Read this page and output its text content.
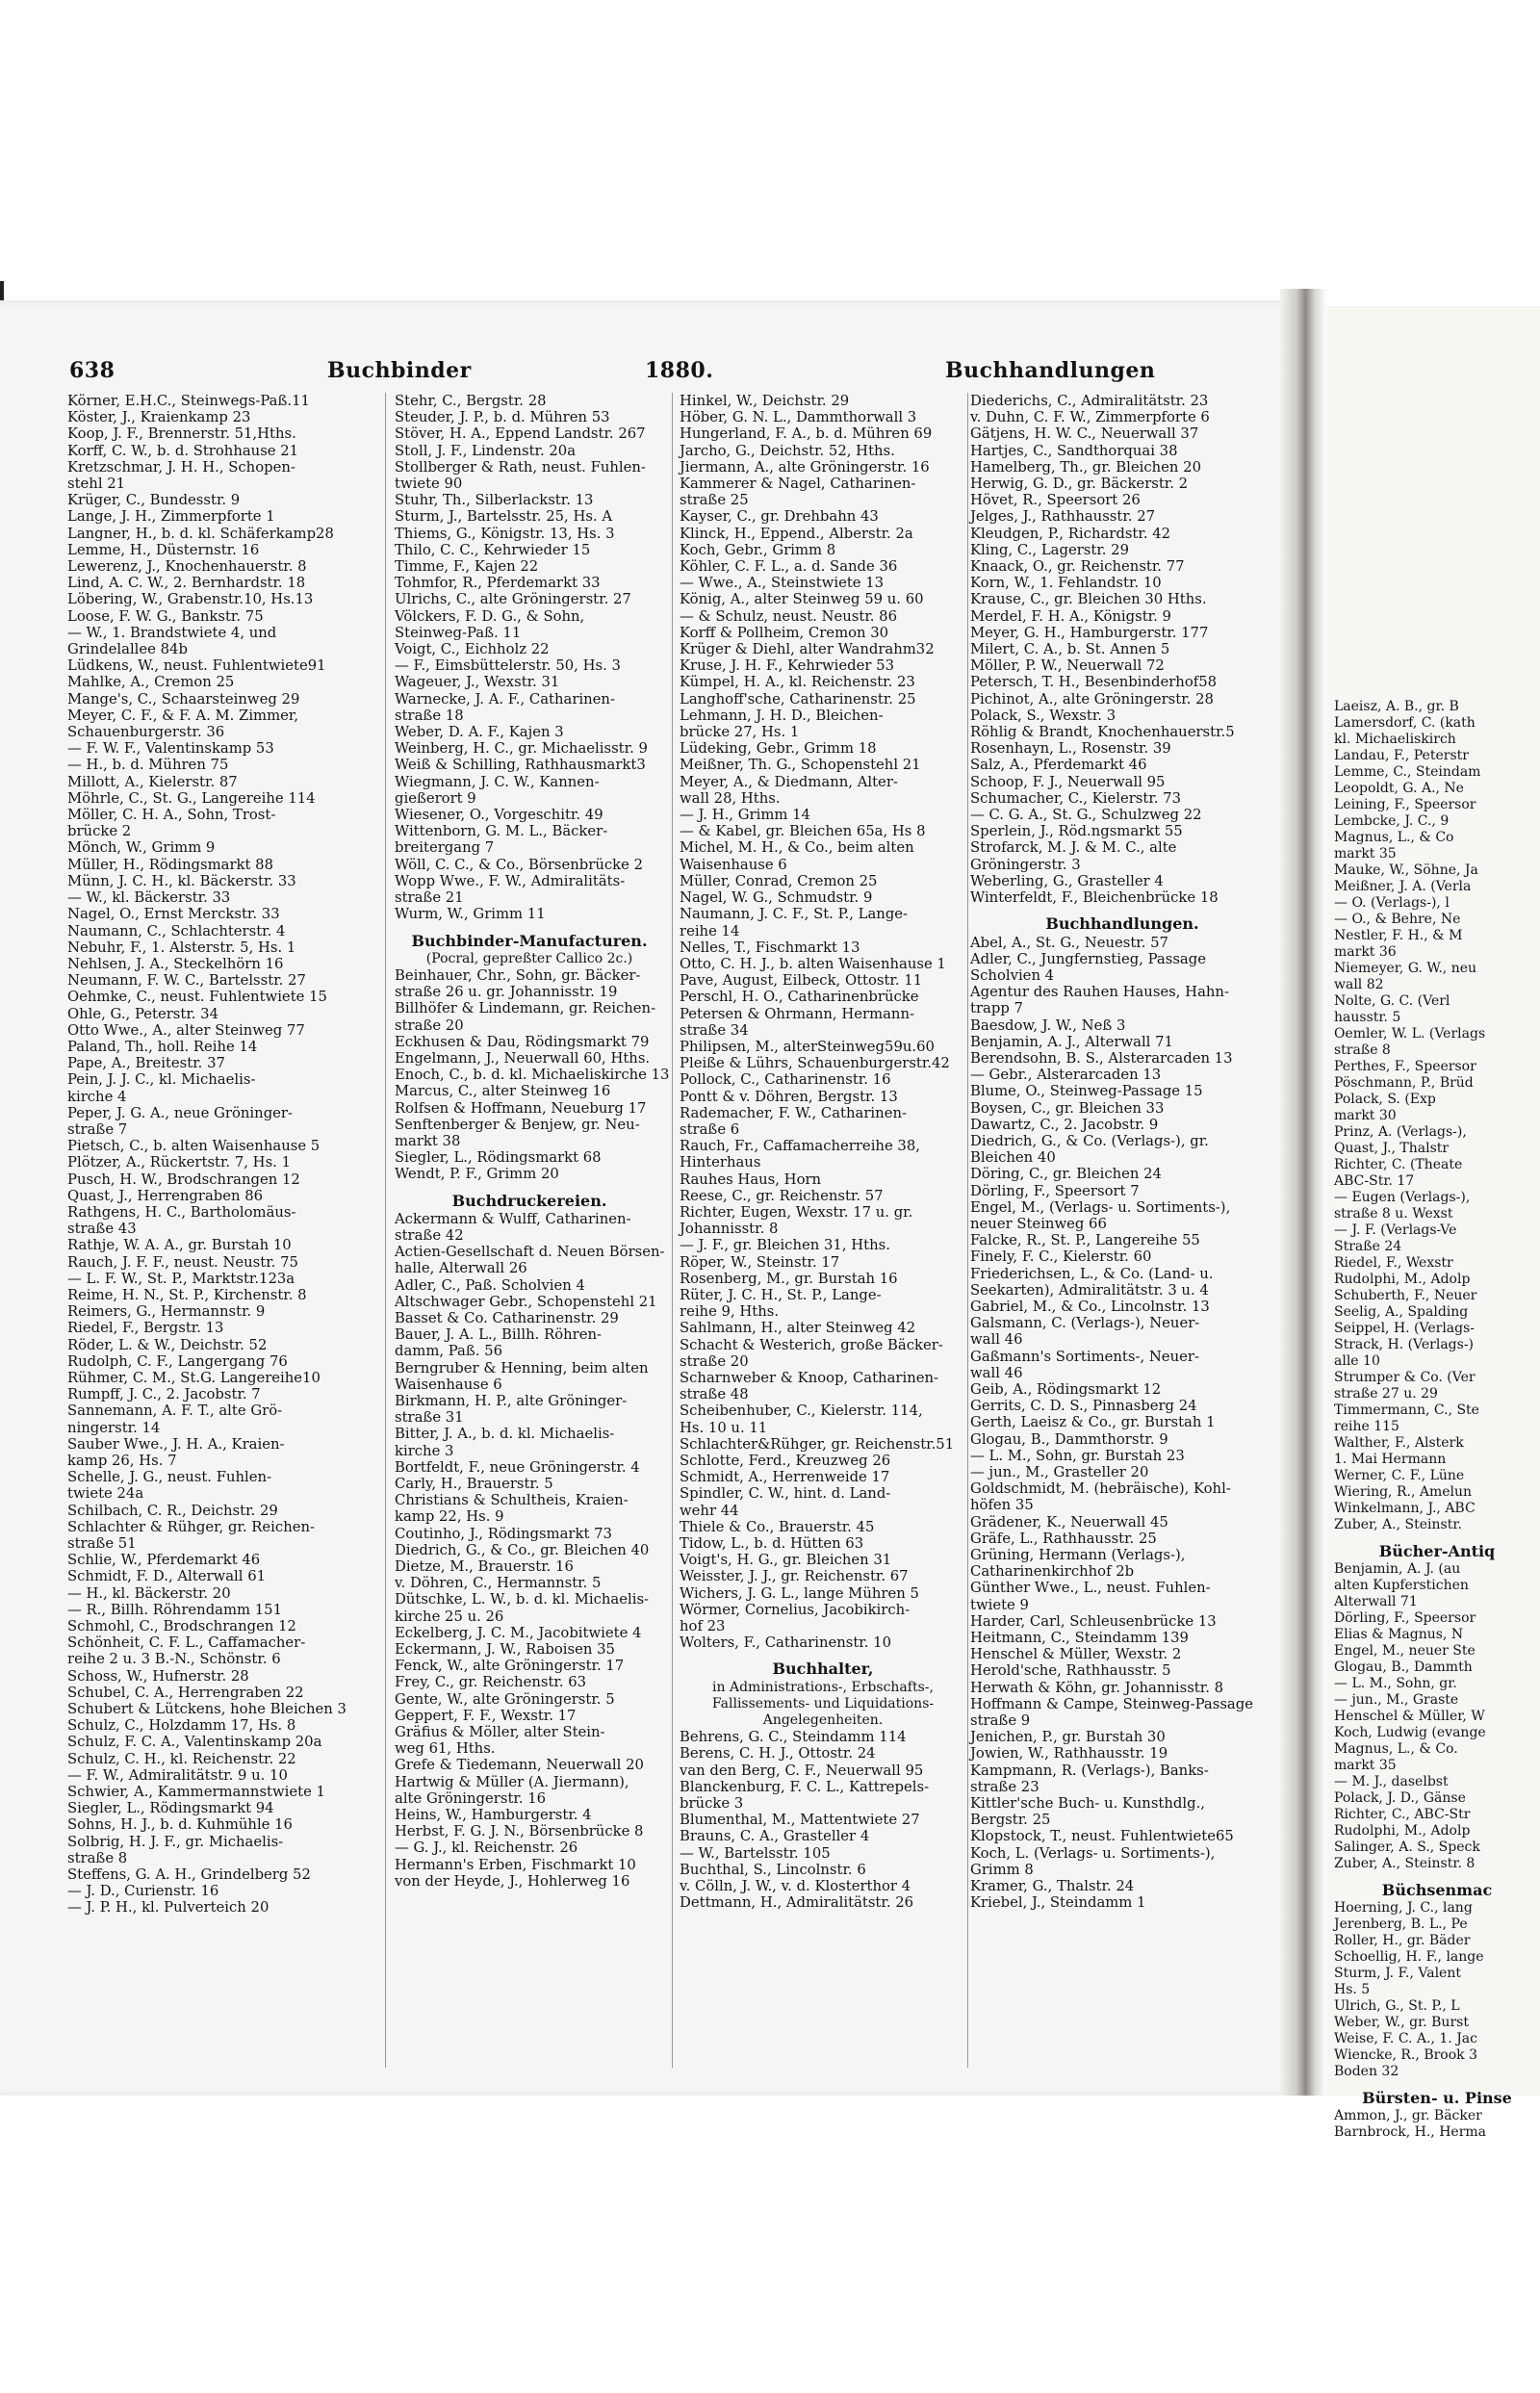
Laeisz, A. B., gr. B
Lamersdorf, C. (kath
kl. Michaeliskirch
Landau, F., Peterstr
Lemme, C., Steindam
Leopoldt, G. A., Ne
Leining, F., Speersor
Lembcke, J. C., 9
Magnus, L., & Co
markt 35
Mauke, W., Söhne, Ja
Meißner, J. A. (Verla
— O. (Verlags-), l
— O., & Behre, Ne
Nestler, F. H., & M
markt 36
Niemeyer, G. W., neu
wall 82
Nolte, G. C. (Verl
hausstr. 5
Oemler, W. L. (Verlags
straße 8
Perthes, F., Speersor
Pöschmann, P., Brüd
Polack, S. (Exp
markt 30
Prinz, A. (Verlags-),
Quast, J., Thalstr
Richter, C. (Theate
ABC-Str. 17
— Eugen (Verlags-),
straße 8 u. Wexst
— J. F. (Verlags-Ve
Straße 24
Riedel, F., Wexstr
Rudolphi, M., Adolp
Schuberth, F., Neuer
Seelig, A., Spalding
Seippel, H. (Verlags-
Strack, H. (Verlags-)
alle 10
Strumper & Co. (Ver
straße 27 u. 29
Timmermann, C., Ste
reihe 115
Walther, F., Alsterk
1. Mai Hermann
Werner, C. F., Lüne
Wiering, R., Amelun
Winkelmann, J., ABC
Zuber, A., Steinstr.
Bücher-Antiq
Benjamin, A. J. (au
alten Kupferstichen
Alterwall 71
Dörling, F., Speersor
Elias & Magnus, N
Engel, M., neuer Ste
Glogau, B., Dammth
— L. M., Sohn, gr.
— jun., M., Graste
Henschel & Müller, W
Koch, Ludwig (evange
Magnus, L., & Co.
markt 35
— M. J., daselbst
Polack, J. D., Gänse
Richter, C., ABC-Str
Rudolphi, M., Adolp
Salinger, A. S., Speck
Zuber, A., Steinstr. 8
Büchsenmac
Hoerning, J. C., lang
Jerenberg, B. L., Pe
Roller, H., gr. Bäder
Schoellig, H. F., lange
Sturm, J. F., Valent
Hs. 5
Ulrich, G., St. P., L
Weber, W., gr. Burst
Weise, F. C. A., 1. Jac
Wiencke, R., Brook 3
Boden 32
Bürsten- u. Pinse
Ammon, J., gr. Bäcker
Barnbrock, H., Herma
638	Buchbinder	1880.	Buchhandlungen
Körner, E.H.C., Steinwegs-Paß.11
Köster, J., Kraienkamp 23
Koop, J. F., Brennerstr. 51,Hths.
Korff, C. W., b. d. Strohhause 21
Kretzschmar, J. H. H., Schopen-
stehl 21
Krüger, C., Bundesstr. 9
Lange, J. H., Zimmerpforte 1
Langner, H., b. d. kl. Schäferkamp28
Lemme, H., Düsternstr. 16
Lewerenz, J., Knochenhauerstr. 8
Lind, A. C. W., 2. Bernhardstr. 18
Löbering, W., Grabenstr.10, Hs.13
Loose, F. W. G., Bankstr. 75
— W., 1. Brandstwiete 4, und
Grindelallee 84b
Lüdkens, W., neust. Fuhlentwiete91
Mahlke, A., Cremon 25
Mange's, C., Schaarsteinweg 29
Meyer, C. F., & F. A. M. Zimmer,
Schauenburgerstr. 36
— F. W. F., Valentinskamp 53
— H., b. d. Mühren 75
Millott, A., Kielerstr. 87
Möhrle, C., St. G., Langereihe 114
Möller, C. H. A., Sohn, Trost-
brücke 2
Mönch, W., Grimm 9
Müller, H., Rödingsmarkt 88
Münn, J. C. H., kl. Bäckerstr. 33
— W., kl. Bäckerstr. 33
Nagel, O., Ernst Merckstr. 33
Naumann, C., Schlachterstr. 4
Nebuhr, F., 1. Alsterstr. 5, Hs. 1
Nehlsen, J. A., Steckelhörn 16
Neumann, F. W. C., Bartelsstr. 27
Oehmke, C., neust. Fuhlentwiete 15
Ohle, G., Peterstr. 34
Otto Wwe., A., alter Steinweg 77
Paland, Th., holl. Reihe 14
Pape, A., Breitestr. 37
Pein, J. J. C., kl. Michaelis-
kirche 4
Peper, J. G. A., neue Gröninger-
straße 7
Pietsch, C., b. alten Waisenhause 5
Plötzer, A., Rückertstr. 7, Hs. 1
Pusch, H. W., Brodschrangen 12
Quast, J., Herrengraben 86
Rathgens, H. C., Bartholomäus-
straße 43
Rathje, W. A. A., gr. Burstah 10
Rauch, J. F. F., neust. Neustr. 75
— L. F. W., St. P., Marktstr.123a
Reime, H. N., St. P., Kirchenstr. 8
Reimers, G., Hermannstr. 9
Riedel, F., Bergstr. 13
Röder, L. & W., Deichstr. 52
Rudolph, C. F., Langergang 76
Rühmer, C. M., St.G. Langereihe10
Rumpff, J. C., 2. Jacobstr. 7
Sannemann, A. F. T., alte Grö-
ningerstr. 14
Sauber Wwe., J. H. A., Kraien-
kamp 26, Hs. 7
Schelle, J. G., neust. Fuhlen-
twiete 24a
Schilbach, C. R., Deichstr. 29
Schlachter & Rühger, gr. Reichen-
straße 51
Schlie, W., Pferdemarkt 46
Schmidt, F. D., Alterwall 61
— H., kl. Bäckerstr. 20
— R., Billh. Röhrendamm 151
Schmohl, C., Brodschrangen 12
Schönheit, C. F. L., Caffamacher-
reihe 2 u. 3 B.-N., Schönstr. 6
Schoss, W., Hufnerstr. 28
Schubel, C. A., Herrengraben 22
Schubert & Lütckens, hohe Bleichen 3
Schulz, C., Holzdamm 17, Hs. 8
Schulz, F. C. A., Valentinskamp 20a
Schulz, C. H., kl. Reichenstr. 22
— F. W., Admiralitätstr. 9 u. 10
Schwier, A., Kammermannstwiete 1
Siegler, L., Rödingsmarkt 94
Sohns, H. J., b. d. Kuhmühle 16
Solbrig, H. J. F., gr. Michaelis-
straße 8
Steffens, G. A. H., Grindelberg 52
— J. D., Curienstr. 16
— J. P. H., kl. Pulverteich 20
Stehr, C., Bergstr. 28
Steuder, J. P., b. d. Mühren 53
Stöver, H. A., Eppend Landstr. 267
Stoll, J. F., Lindenstr. 20a
Stollberger & Rath, neust. Fuhlen-
twiete 90
Stuhr, Th., Silberlackstr. 13
Sturm, J., Bartelsstr. 25, Hs. A
Thiems, G., Königstr. 13, Hs. 3
Thilo, C. C., Kehrwieder 15
Timme, F., Kajen 22
Tohmfor, R., Pferdemarkt 33
Ulrichs, C., alte Gröningerstr. 27
Völckers, F. D. G., & Sohn,
Steinweg-Paß. 11
Voigt, C., Eichholz 22
— F., Eimsbüttelerstr. 50, Hs. 3
Wageuer, J., Wexstr. 31
Warnecke, J. A. F., Catharinen-
straße 18
Weber, D. A. F., Kajen 3
Weinberg, H. C., gr. Michaelisstr. 9
Weiß & Schilling, Rathhausmarkt3
Wiegmann, J. C. W., Kannen-
gießerort 9
Wiesener, O., Vorgeschitr. 49
Wittenborn, G. M. L., Bäcker-
breitergang 7
Wöll, C. C., & Co., Börsenbrücke 2
Wopp Wwe., F. W., Admiralitäts-
straße 21
Wurm, W., Grimm 11
Buchbinder-Manufacturen.
(Pocral, gepreßter Callico 2c.)
Beinhauer, Chr., Sohn, gr. Bäcker-
straße 26 u. gr. Johannisstr. 19
Billhöfer & Lindemann, gr. Reichen-
straße 20
Eckhusen & Dau, Rödingsmarkt 79
Engelmann, J., Neuerwall 60, Hths.
Enoch, C., b. d. kl. Michaeliskirche 13
Marcus, C., alter Steinweg 16
Rolfsen & Hoffmann, Neueburg 17
Senftenberger & Benjew, gr. Neu-
markt 38
Siegler, L., Rödingsmarkt 68
Wendt, P. F., Grimm 20
Buchdruckereien.
Ackermann & Wulff, Catharinen-
straße 42
Actien-Gesellschaft d. Neuen Börsen-
halle, Alterwall 26
Adler, C., Paß. Scholvien 4
Altschwager Gebr., Schopenstehl 21
Basset & Co. Catharinenstr. 29
Bauer, J. A. L., Billh. Röhren-
damm, Paß. 56
Berngruber & Henning, beim alten
Waisenhause 6
Birkmann, H. P., alte Gröninger-
straße 31
Bitter, J. A., b. d. kl. Michaelis-
kirche 3
Bortfeldt, F., neue Gröningerstr. 4
Carly, H., Brauerstr. 5
Christians & Schultheis, Kraien-
kamp 22, Hs. 9
Coutinho, J., Rödingsmarkt 73
Diedrich, G., & Co., gr. Bleichen 40
Dietze, M., Brauerstr. 16
v. Döhren, C., Hermannstr. 5
Dütschke, L. W., b. d. kl. Michaelis-
kirche 25 u. 26
Eckelberg, J. C. M., Jacobitwiete 4
Eckermann, J. W., Raboisen 35
Fenck, W., alte Gröningerstr. 17
Frey, C., gr. Reichenstr. 63
Gente, W., alte Gröningerstr. 5
Geppert, F. F., Wexstr. 17
Gräfius & Möller, alter Stein-
weg 61, Hths.
Grefe & Tiedemann, Neuerwall 20
Hartwig & Müller (A. Jiermann),
alte Gröningerstr. 16
Heins, W., Hamburgerstr. 4
Herbst, F. G. J. N., Börsenbrücke 8
— G. J., kl. Reichenstr. 26
Hermann's Erben, Fischmarkt 10
von der Heyde, J., Hohlerweg 16
Hinkel, W., Deichstr. 29
Höber, G. N. L., Dammthorwall 3
Hungerland, F. A., b. d. Mühren 69
Jarcho, G., Deichstr. 52, Hths.
Jiermann, A., alte Gröningerstr. 16
Kammerer & Nagel, Catharinen-
straße 25
Kayser, C., gr. Drehbahn 43
Klinck, H., Eppend., Alberstr. 2a
Koch, Gebr., Grimm 8
Köhler, C. F. L., a. d. Sande 36
— Wwe., A., Steinstwiete 13
König, A., alter Steinweg 59 u. 60
— & Schulz, neust. Neustr. 86
Korff & Pollheim, Cremon 30
Krüger & Diehl, alter Wandrahm32
Kruse, J. H. F., Kehrwieder 53
Kümpel, H. A., kl. Reichenstr. 23
Langhoff'sche, Catharinenstr. 25
Lehmann, J. H. D., Bleichen-
brücke 27, Hs. 1
Lüdeking, Gebr., Grimm 18
Meißner, Th. G., Schopenstehl 21
Meyer, A., & Diedmann, Alter-
wall 28, Hths.
— J. H., Grimm 14
— & Kabel, gr. Bleichen 65a, Hs 8
Michel, M. H., & Co., beim alten
Waisenhause 6
Müller, Conrad, Cremon 25
Nagel, W. G., Schmudstr. 9
Naumann, J. C. F., St. P., Lange-
reihe 14
Nelles, T., Fischmarkt 13
Otto, C. H. J., b. alten Waisenhause 1
Pave, August, Eilbeck, Ottostr. 11
Perschl, H. O., Catharinenbrücke
Petersen & Ohrmann, Hermann-
straße 34
Philipsen, M., alterSteinweg59u.60
Pleiße & Lührs, Schauenburgerstr.42
Pollock, C., Catharinenstr. 16
Pontt & v. Döhren, Bergstr. 13
Rademacher, F. W., Catharinen-
straße 6
Rauch, Fr., Caffamacherreihe 38,
Hinterhaus
Rauhes Haus, Horn
Reese, C., gr. Reichenstr. 57
Richter, Eugen, Wexstr. 17 u. gr.
Johannisstr. 8
— J. F., gr. Bleichen 31, Hths.
Röper, W., Steinstr. 17
Rosenberg, M., gr. Burstah 16
Rüter, J. C. H., St. P., Lange-
reihe 9, Hths.
Sahlmann, H., alter Steinweg 42
Schacht & Westerich, große Bäcker-
straße 20
Scharnweber & Knoop, Catharinen-
straße 48
Scheibenhuber, C., Kielerstr. 114,
Hs. 10 u. 11
Schlachter&Rühger, gr. Reichenstr.51
Schlotte, Ferd., Kreuzweg 26
Schmidt, A., Herrenweide 17
Spindler, C. W., hint. d. Land-
wehr 44
Thiele & Co., Brauerstr. 45
Tidow, L., b. d. Hütten 63
Voigt's, H. G., gr. Bleichen 31
Weisster, J. J., gr. Reichenstr. 67
Wichers, J. G. L., lange Mühren 5
Wörmer, Cornelius, Jacobikirch-
hof 23
Wolters, F., Catharinenstr. 10
Buchhalter,
in Administrations-, Erbschafts-,
Fallissements- und Liquidations-
Angelegenheiten.
Behrens, G. C., Steindamm 114
Berens, C. H. J., Ottostr. 24
van den Berg, C. F., Neuerwall 95
Blanckenburg, F. C. L., Kattrepels-
brücke 3
Blumenthal, M., Mattentwiete 27
Brauns, C. A., Grasteller 4
— W., Bartelsstr. 105
Buchthal, S., Lincolnstr. 6
v. Cölln, J. W., v. d. Klosterthor 4
Dettmann, H., Admiralitätstr. 26
Diederichs, C., Admiralitätstr. 23
v. Duhn, C. F. W., Zimmerpforte 6
Gätjens, H. W. C., Neuerwall 37
Hartjes, C., Sandthorquai 38
Hamelberg, Th., gr. Bleichen 20
Herwig, G. D., gr. Bäckerstr. 2
Hövet, R., Speersort 26
Jelges, J., Rathhausstr. 27
Kleudgen, P., Richardstr. 42
Kling, C., Lagerstr. 29
Knaack, O., gr. Reichenstr. 77
Korn, W., 1. Fehlandstr. 10
Krause, C., gr. Bleichen 30 Hths.
Merdel, F. H. A., Königstr. 9
Meyer, G. H., Hamburgerstr. 177
Milert, C. A., b. St. Annen 5
Möller, P. W., Neuerwall 72
Petersch, T. H., Besenbinderhof58
Pichinot, A., alte Gröningerstr. 28
Polack, S., Wexstr. 3
Röhlig & Brandt, Knochenhauerstr.5
Rosenhayn, L., Rosenstr. 39
Salz, A., Pferdemarkt 46
Schoop, F. J., Neuerwall 95
Schumacher, C., Kielerstr. 73
— C. G. A., St. G., Schulzweg 22
Sperlein, J., Röd.ngsmarkt 55
Strofarck, M. J. & M. C., alte
Gröningerstr. 3
Weberling, G., Grasteller 4
Winterfeldt, F., Bleichenbrücke 18
Buchhandlungen.
Abel, A., St. G., Neuestr. 57
Adler, C., Jungfernstieg, Passage
Scholvien 4
Agentur des Rauhen Hauses, Hahn-
trapp 7
Baesdow, J. W., Neß 3
Benjamin, A. J., Alterwall 71
Berendsohn, B. S., Alsterarcaden 13
— Gebr., Alsterarcaden 13
Blume, O., Steinweg-Passage 15
Boysen, C., gr. Bleichen 33
Dawartz, C., 2. Jacobstr. 9
Diedrich, G., & Co. (Verlags-), gr.
Bleichen 40
Döring, C., gr. Bleichen 24
Dörling, F., Speersort 7
Engel, M., (Verlags- u. Sortiments-),
neuer Steinweg 66
Falcke, R., St. P., Langereihe 55
Finely, F. C., Kielerstr. 60
Friederichsen, L., & Co. (Land- u.
Seekarten), Admiralitätstr. 3 u. 4
Gabriel, M., & Co., Lincolnstr. 13
Galsmann, C. (Verlags-), Neuer-
wall 46
Gaßmann's Sortiments-, Neuer-
wall 46
Geib, A., Rödingsmarkt 12
Gerrits, C. D. S., Pinnasberg 24
Gerth, Laeisz & Co., gr. Burstah 1
Glogau, B., Dammthorstr. 9
— L. M., Sohn, gr. Burstah 23
— jun., M., Grasteller 20
Goldschmidt, M. (hebräische), Kohl-
höfen 35
Grädener, K., Neuerwall 45
Gräfe, L., Rathhausstr. 25
Grüning, Hermann (Verlags-),
Catharinenkirchhof 2b
Günther Wwe., L., neust. Fuhlen-
twiete 9
Harder, Carl, Schleusenbrücke 13
Heitmann, C., Steindamm 139
Henschel & Müller, Wexstr. 2
Herold'sche, Rathhausstr. 5
Herwath & Köhn, gr. Johannisstr. 8
Hoffmann & Campe, Steinweg-Passage
straße 9
Jenichen, P., gr. Burstah 30
Jowien, W., Rathhausstr. 19
Kampmann, R. (Verlags-), Banks-
straße 23
Kittler'sche Buch- u. Kunsthdlg.,
Bergstr. 25
Klopstock, T., neust. Fuhlentwiete65
Koch, L. (Verlags- u. Sortiments-),
Grimm 8
Kramer, G., Thalstr. 24
Kriebel, J., Steindamm 1
